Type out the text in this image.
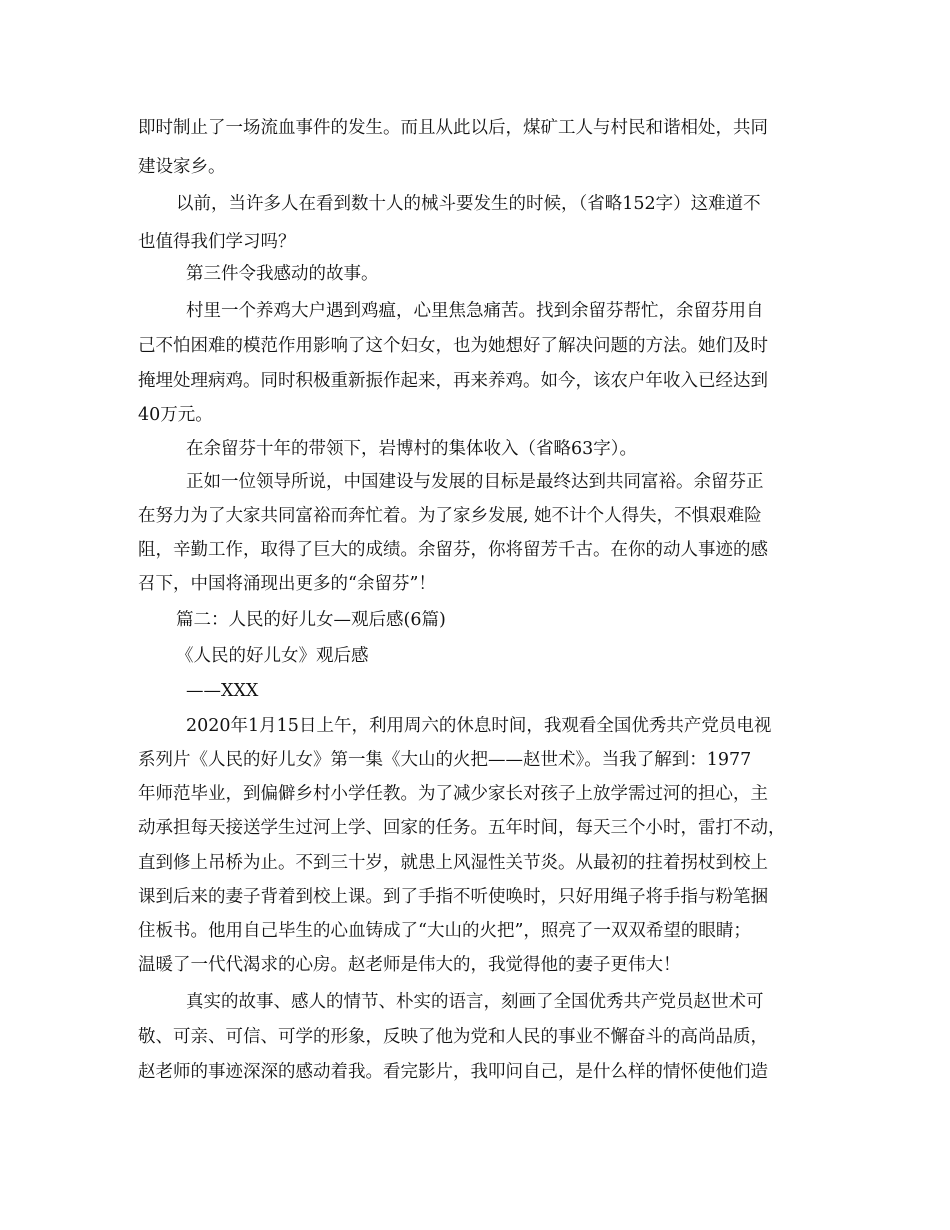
即时制止了一场流血事件的发生。而且从此以后，煤矿工人与村民和谐相处，共同
建设家乡。
以前，当许多人在看到数十人的械斗要发生的时候，（省略152字）这难道不
也值得我们学习吗？
第三件令我感动的故事。
村里一个养鸡大户遇到鸡瘟，心里焦急痛苦。找到余留芬帮忙，余留芬用自
己不怕困难的模范作用影响了这个妇女，也为她想好了解决问题的方法。她们及时
掩埋处理病鸡。同时积极重新振作起来，再来养鸡。如今，该农户年收入已经达到
40万元。
在余留芬十年的带领下，岩博村的集体收入（省略63字）。
正如一位领导所说，中国建设与发展的目标是最终达到共同富裕。余留芬正
在努力为了大家共同富裕而奔忙着。为了家乡发展, 她不计个人得失，不惧艰难险
阻，辛勤工作，取得了巨大的成绩。余留芬，你将留芳千古。在你的动人事迹的感
召下，中国将涌现出更多的“余留芬”！
篇二：人民的好儿女—观后感(6篇)
《人民的好儿女》观后感
——XXX
2020年1月15日上午，利用周六的休息时间，我观看全国优秀共产党员电视
系列片《人民的好儿女》第一集《大山的火把——赵世术》。当我了解到：1977
年师范毕业，到偏僻乡村小学任教。为了减少家长对孩子上放学需过河的担心，主
动承担每天接送学生过河上学、回家的任务。五年时间，每天三个小时，雷打不动，
直到修上吊桥为止。不到三十岁，就患上风湿性关节炎。从最初的拄着拐杖到校上
课到后来的妻子背着到校上课。到了手指不听使唤时，只好用绳子将手指与粉笔捆
住板书。他用自己毕生的心血铸成了“大山的火把”，照亮了一双双希望的眼睛；
温暖了一代代渴求的心房。赵老师是伟大的，我觉得他的妻子更伟大！
真实的故事、感人的情节、朴实的语言，刻画了全国优秀共产党员赵世术可
敬、可亲、可信、可学的形象，反映了他为党和人民的事业不懈奋斗的高尚品质，
赵老师的事迹深深的感动着我。看完影片，我叩问自己，是什么样的情怀使他们造
